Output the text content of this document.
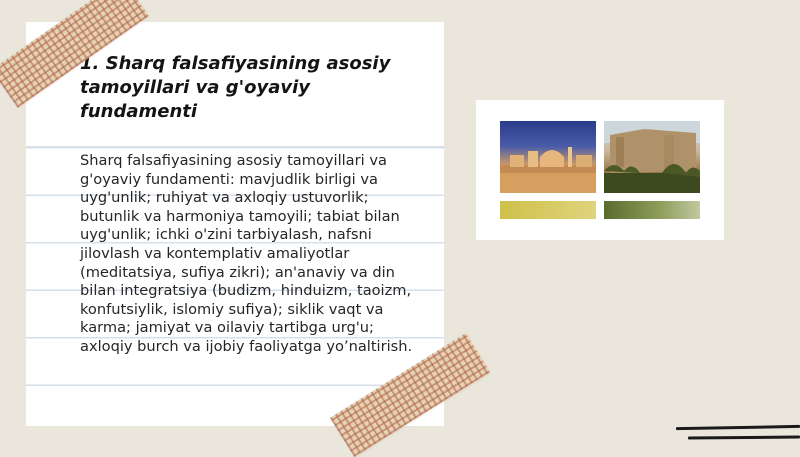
1. Sharq falsafiyasining asosiy tamoyillari va g'oyaviy fundamenti

Sharq falsafiyasining asosiy tamoyillari va g'oyaviy fundamenti: mavjudlik birligi va uyg'unlik; ruhiyat va axloqiy ustuvorlik; butunlik va harmoniya tamoyili; tabiat bilan uyg'unlik; ichki o'zini tarbiyalash, nafsni jilovlash va kontemplativ amaliyotlar (meditatsiya, sufiya zikri); an'anaviy va din bilan integratsiya (budizm, hinduizm, taoizm, konfutsiylik, islomiy sufiya); siklik vaqt va karma; jamiyat va oilaviy tartibga urg'u; axloqiy burch va ijobiy faoliyatga yo’naltirish.
